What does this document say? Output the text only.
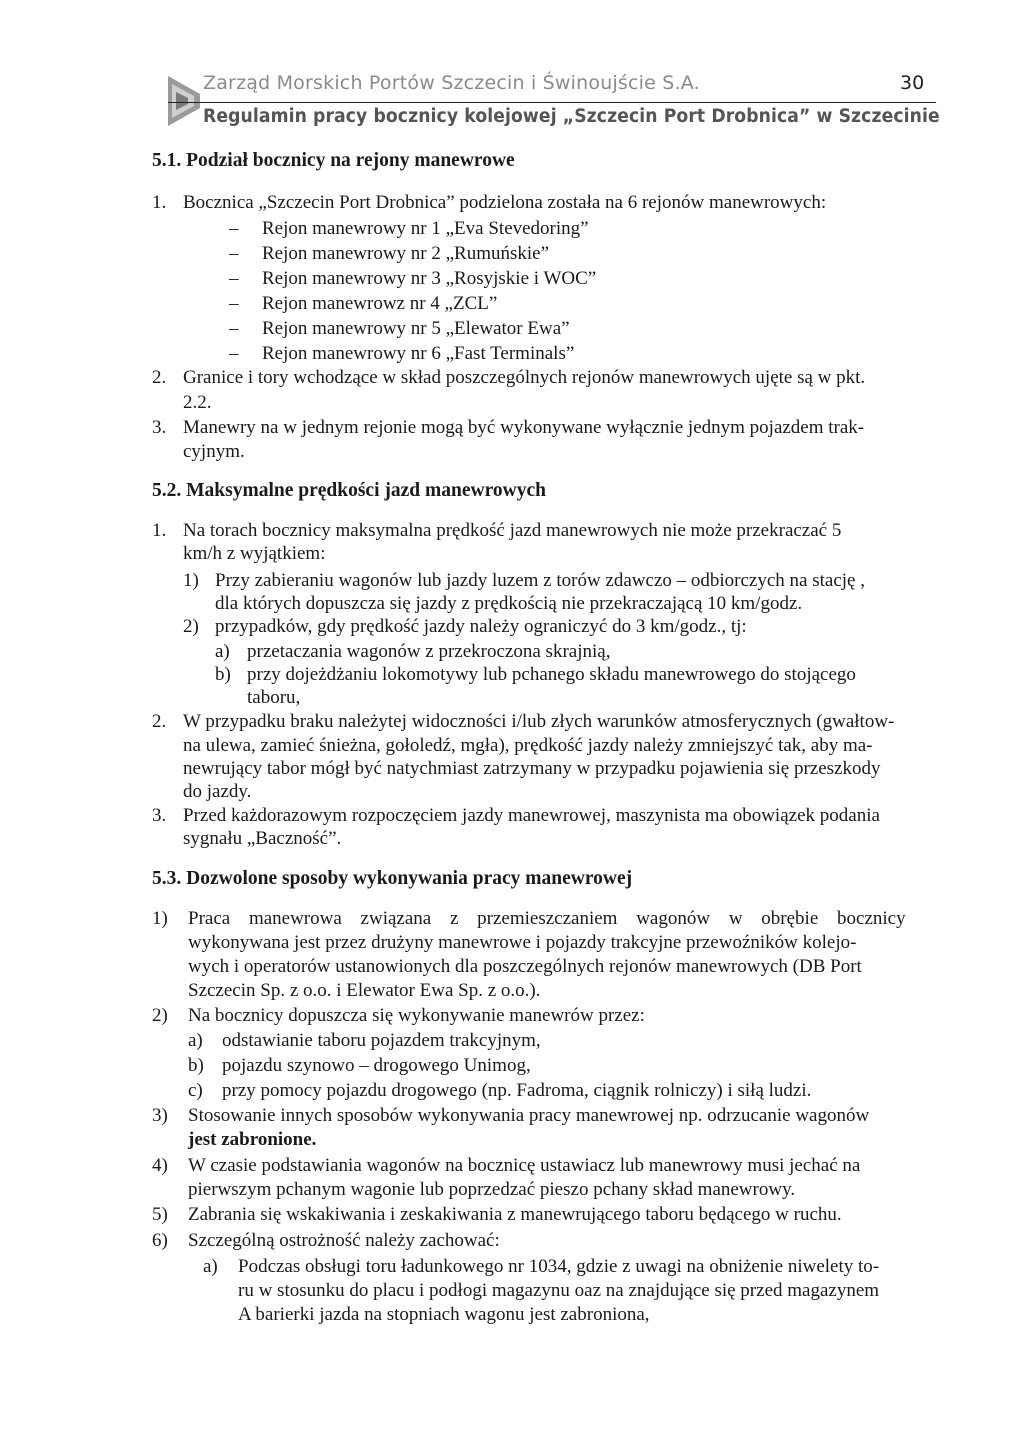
Zarząd Morskich Portów Szczecin i Świnoujście S.A.	30
Regulamin pracy bocznicy kolejowej „Szczecin Port Drobnica” w Szczecinie
5.1. Podział bocznicy na rejony manewrowe
1. Bocznica „Szczecin Port Drobnica” podzielona została na 6 rejonów manewrowych:
– Rejon manewrowy nr 1 „Eva Stevedoring”
– Rejon manewrowy nr 2 „Rumuńskie”
– Rejon manewrowy nr 3 „Rosyjskie i WOC”
– Rejon manewrowz nr 4 „ZCL”
– Rejon manewrowy nr 5 „Elewator Ewa”
– Rejon manewrowy nr 6 „Fast Terminals”
2. Granice i tory wchodzące w skład poszczególnych rejonów manewrowych ujęte są w pkt.
2.2.
3. Manewry na w jednym rejonie mogą być wykonywane wyłącznie jednym pojazdem trak-
cyjnym.
5.2. Maksymalne prędkości jazd manewrowych
1. Na torach bocznicy maksymalna prędkość jazd manewrowych nie może przekraczać 5
km/h z wyjątkiem:
1) Przy zabieraniu wagonów lub jazdy luzem z torów zdawczo – odbiorczych na stację ,
dla których dopuszcza się jazdy z prędkością nie przekraczającą 10 km/godz.
2) przypadków, gdy prędkość jazdy należy ograniczyć do 3 km/godz., tj:
a) przetaczania wagonów z przekroczona skrajnią,
b) przy dojeżdżaniu lokomotywy lub pchanego składu manewrowego do stojącego
taboru,
2. W przypadku braku należytej widoczności i/lub złych warunków atmosferycznych (gwałtow-
na ulewa, zamieć śnieżna, gołoledź, mgła), prędkość jazdy należy zmniejszyć tak, aby ma-
newrujący tabor mógł być natychmiast zatrzymany w przypadku pojawienia się przeszkody
do jazdy.
3. Przed każdorazowym rozpoczęciem jazdy manewrowej, maszynista ma obowiązek podania
sygnału „Baczność”.
5.3. Dozwolone sposoby wykonywania pracy manewrowej
1) Praca manewrowa związana z przemieszczaniem wagonów w obrębie bocznicy
wykonywana jest przez drużyny manewrowe i pojazdy trakcyjne przewoźników kolejo-
wych i operatorów ustanowionych dla poszczególnych rejonów manewrowych (DB Port
Szczecin Sp. z o.o. i Elewator Ewa Sp. z o.o.).
2) Na bocznicy dopuszcza się wykonywanie manewrów przez:
a) odstawianie taboru pojazdem trakcyjnym,
b) pojazdu szynowo – drogowego Unimog,
c) przy pomocy pojazdu drogowego (np. Fadroma, ciągnik rolniczy) i siłą ludzi.
3) Stosowanie innych sposobów wykonywania pracy manewrowej np. odrzucanie wagonów
jest zabronione.
4) W czasie podstawiania wagonów na bocznicę ustawiacz lub manewrowy musi jechać na
pierwszym pchanym wagonie lub poprzedzać pieszo pchany skład manewrowy.
5) Zabrania się wskakiwania i zeskakiwania z manewrującego taboru będącego w ruchu.
6) Szczególną ostrożność należy zachować:
a) Podczas obsługi toru ładunkowego nr 1034, gdzie z uwagi na obniżenie niwelety to-
ru w stosunku do placu i podłogi magazynu oaz na znajdujące się przed magazynem
A barierki jazda na stopniach wagonu jest zabroniona,
